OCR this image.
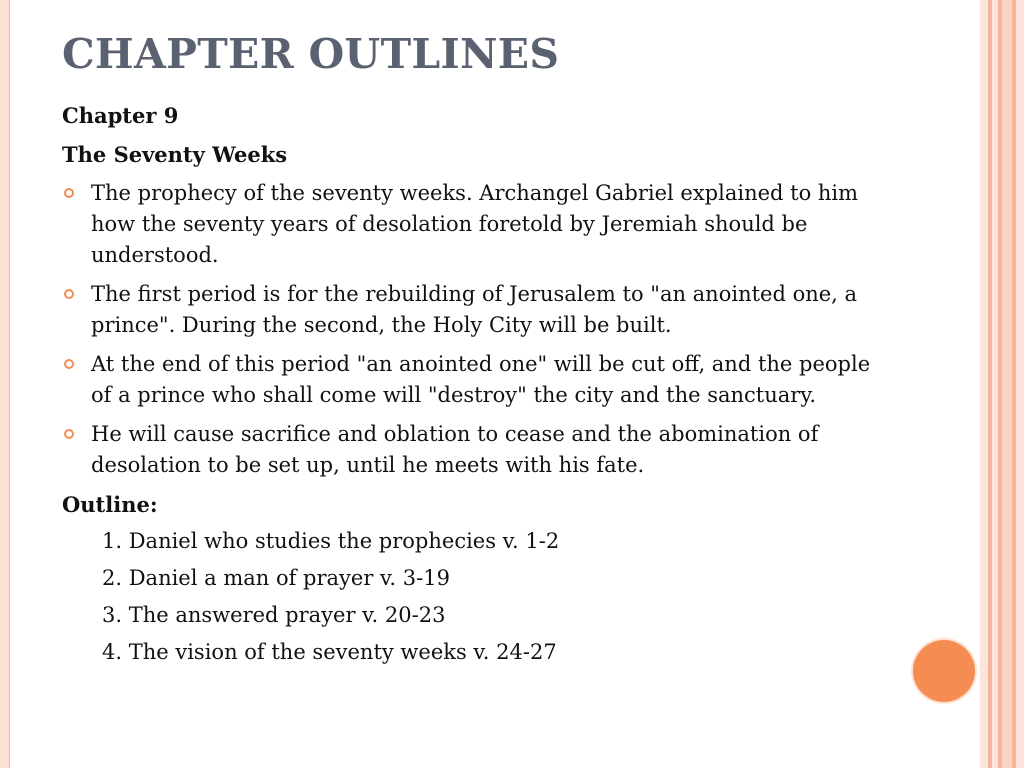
CHAPTER OUTLINES

Chapter 9

The Seventy Weeks

The prophecy of the seventy weeks. Archangel Gabriel explained to him how the seventy years of desolation foretold by Jeremiah should be understood.
The first period is for the rebuilding of Jerusalem to "an anointed one, a prince". During the second, the Holy City will be built.
At the end of this period "an anointed one" will be cut off, and the people of a prince who shall come will "destroy" the city and the sanctuary.
He will cause sacrifice and oblation to cease and the abomination of desolation to be set up, until he meets with his fate.

Outline:

1. Daniel who studies the prophecies v. 1-2
2. Daniel a man of prayer v. 3-19
3. The answered prayer v. 20-23
4. The vision of the seventy weeks v. 24-27
